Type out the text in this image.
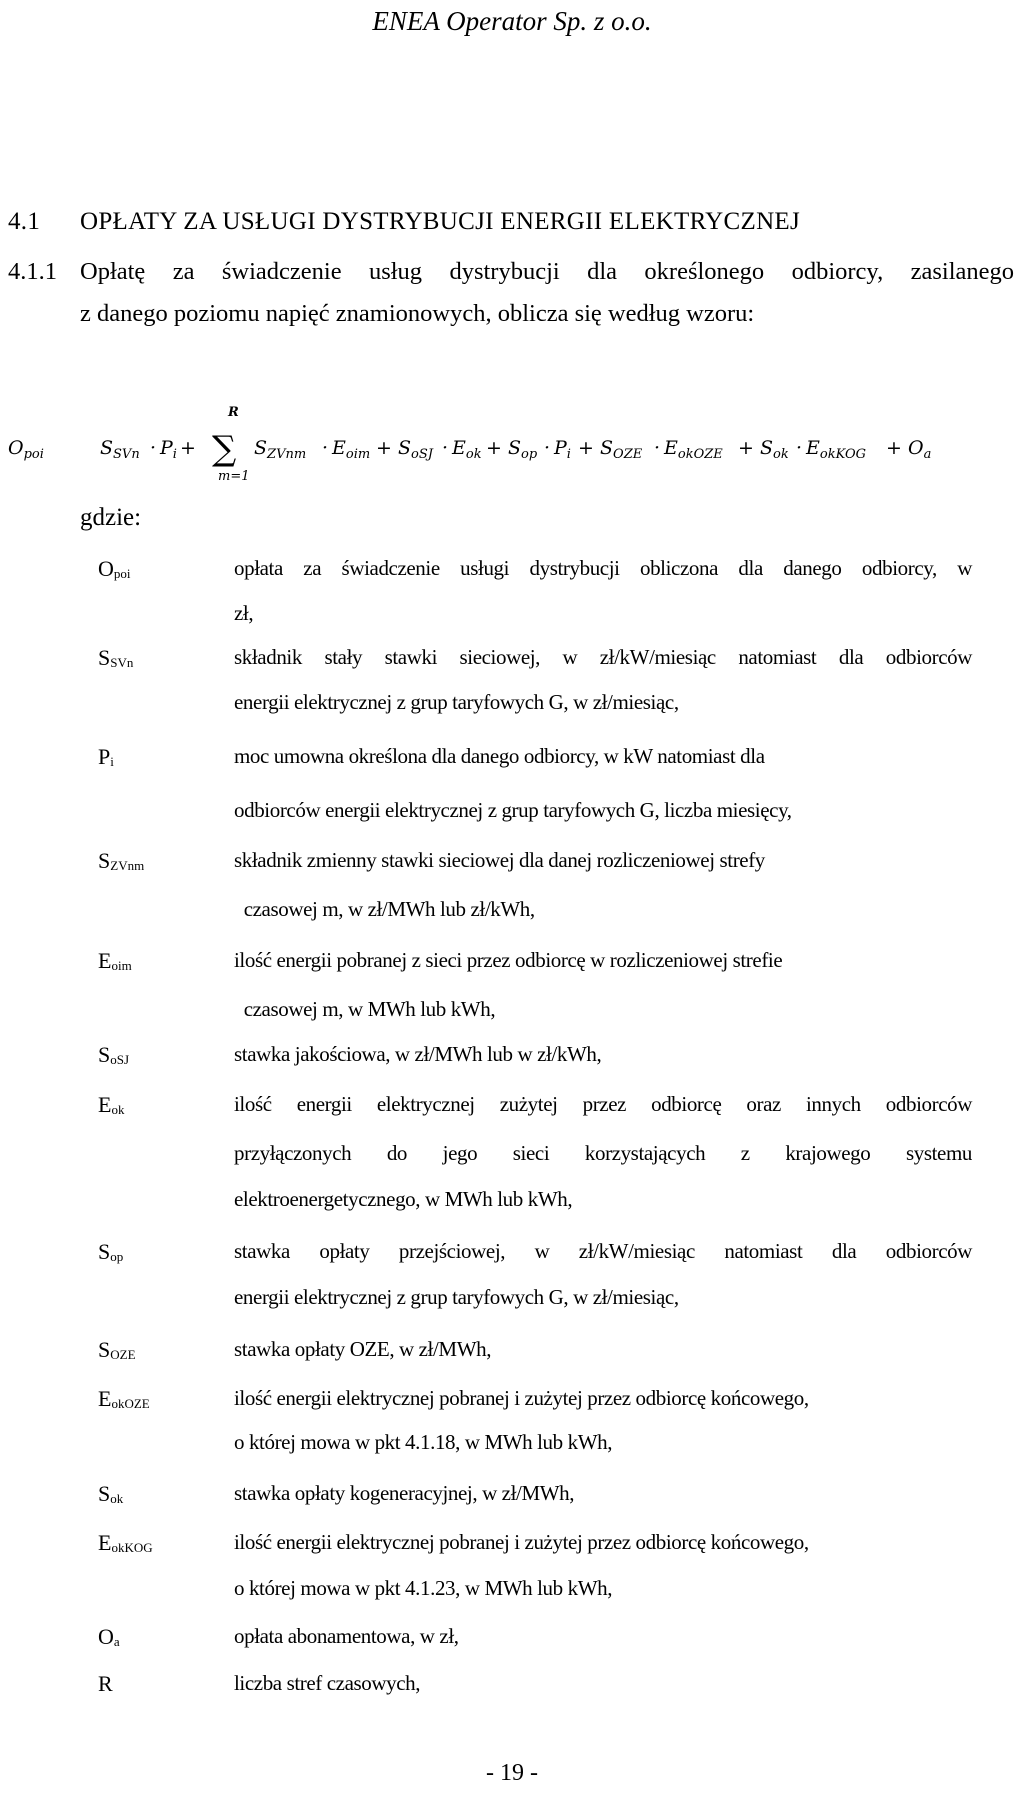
ENEA Operator Sp. z o.o.
4.1 OPŁATY ZA USŁUGI DYSTRYBUCJI ENERGII ELEKTRYCZNEJ
4.1.1 Opłatę za świadczenie usług dystrybucji dla określonego odbiorcy, zasilanego
z danego poziomu napięć znamionowych, oblicza się według wzoru:
$O_{poi}$	$S_{SVn} \cdot P_i$ +
R
∑
m=1
$S_{ZVnm} \cdot E_{oim} + S_{oSJ} \cdot E_{ok} + S_{op} \cdot P_i + S_{OZE} \cdot E_{okOZE} + S_{ok} \cdot E_{okKOG} + O_a$
gdzie:
$O_{poi}$	opłata za świadczenie usługi dystrybucji obliczona dla danego odbiorcy, w
zł,
$S_{SVn}$	składnik stały stawki sieciowej, w zł/kW/miesiąc natomiast dla odbiorców
energii elektrycznej z grup taryfowych G, w zł/miesiąc,
$P_i$	moc umowna określona dla danego odbiorcy, w kW natomiast dla
odbiorców energii elektrycznej z grup taryfowych G, liczba miesięcy,
$S_{ZVnm}$	składnik zmienny stawki sieciowej dla danej rozliczeniowej strefy
czasowej m, w zł/MWh lub zł/kWh,
$E_{oim}$	ilość energii pobranej z sieci przez odbiorcę w rozliczeniowej strefie
czasowej m, w MWh lub kWh,
$S_{oSJ}$	stawka jakościowa, w zł/MWh lub w zł/kWh,
$E_{ok}$	ilość energii elektrycznej zużytej przez odbiorcę oraz innych odbiorców
przyłączonych do jego sieci korzystających z krajowego systemu
elektroenergetycznego, w MWh lub kWh,
$S_{op}$	stawka opłaty przejściowej, w zł/kW/miesiąc natomiast dla odbiorców
energii elektrycznej z grup taryfowych G, w zł/miesiąc,
$S_{OZE}$	stawka opłaty OZE, w zł/MWh,
$E_{okOZE}$	ilość energii elektrycznej pobranej i zużytej przez odbiorcę końcowego,
o której mowa w pkt 4.1.18, w MWh lub kWh,
$S_{ok}$	stawka opłaty kogeneracyjnej, w zł/MWh,
$E_{okKOG}$	ilość energii elektrycznej pobranej i zużytej przez odbiorcę końcowego,
o której mowa w pkt 4.1.23, w MWh lub kWh,
$O_a$	opłata abonamentowa, w zł,
R	liczba stref czasowych,
- 19 -
